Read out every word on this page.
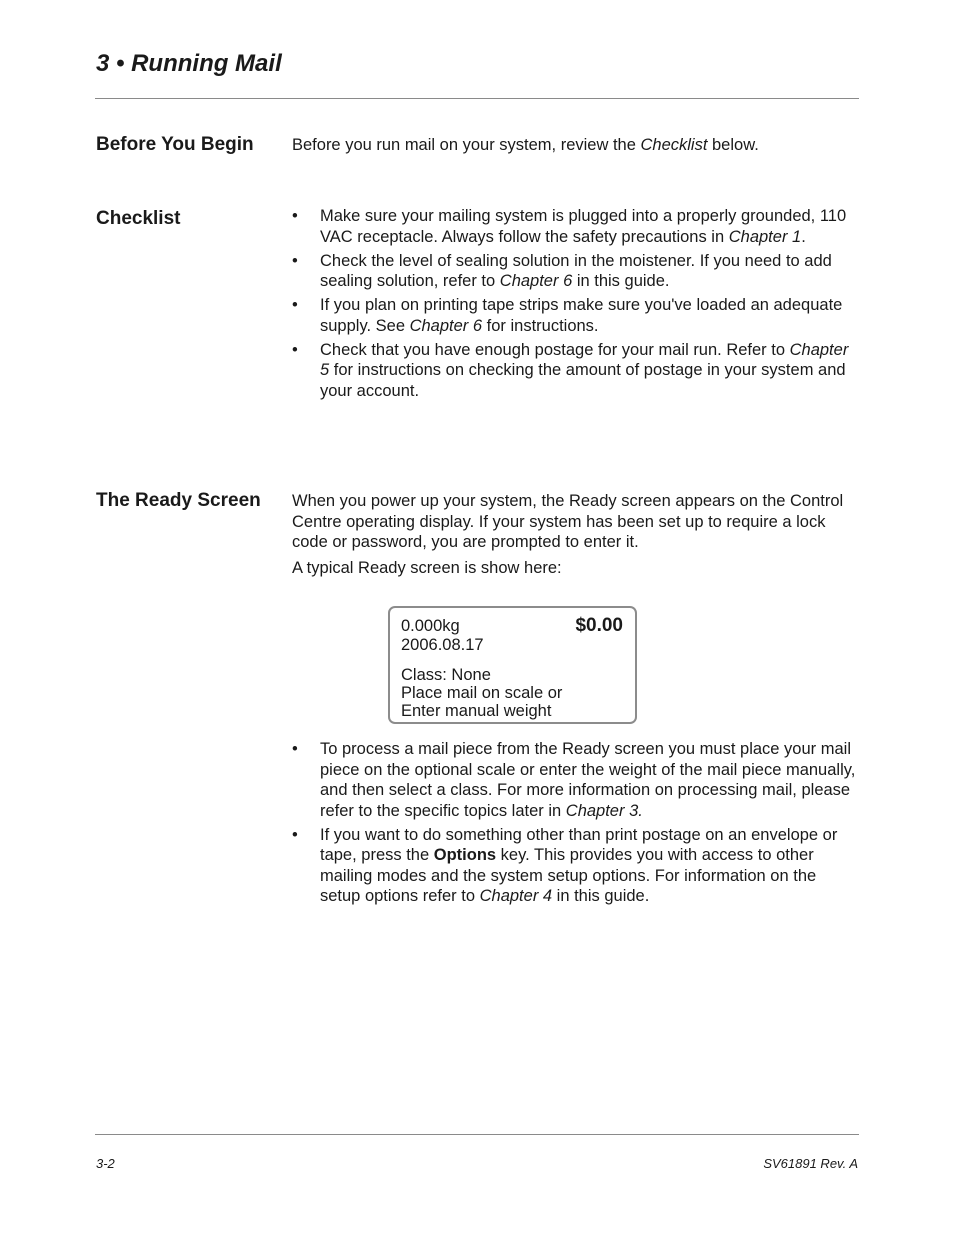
3 • Running Mail
Before You Begin Before you run mail on your system, review the Checklist below.

Checklist	• Make sure your mailing system is plugged into a properly grounded, 110 VAC receptacle. Always follow the safety precautions in Chapter 1.
• Check the level of sealing solution in the moistener. If you need to add sealing solution, refer to Chapter 6 in this guide.
• If you plan on printing tape strips make sure you've loaded an adequate supply. See Chapter 6 for instructions.
• Check that you have enough postage for your mail run. Refer to Chapter 5 for instructions on checking the amount of postage in your system and your account.
The Ready Screen When you power up your system, the Ready screen appears on the Control Centre operating display. If your system has been set up to require a lock code or password, you are prompted to enter it.

A typical Ready screen is show here:

0.000kg
2006.08.17
$0.00
Class: None
Place mail on scale or
Enter manual weight
• To process a mail piece from the Ready screen you must place your mail piece on the optional scale or enter the weight of the mail piece manually, and then select a class. For more information on processing mail, please refer to the specific topics later in Chapter 3.
• If you want to do something other than print postage on an envelope or tape, press the Options key. This provides you with access to other mailing modes and the system setup options. For information on the setup options refer to Chapter 4 in this guide.
3-2	SV61891 Rev. A
